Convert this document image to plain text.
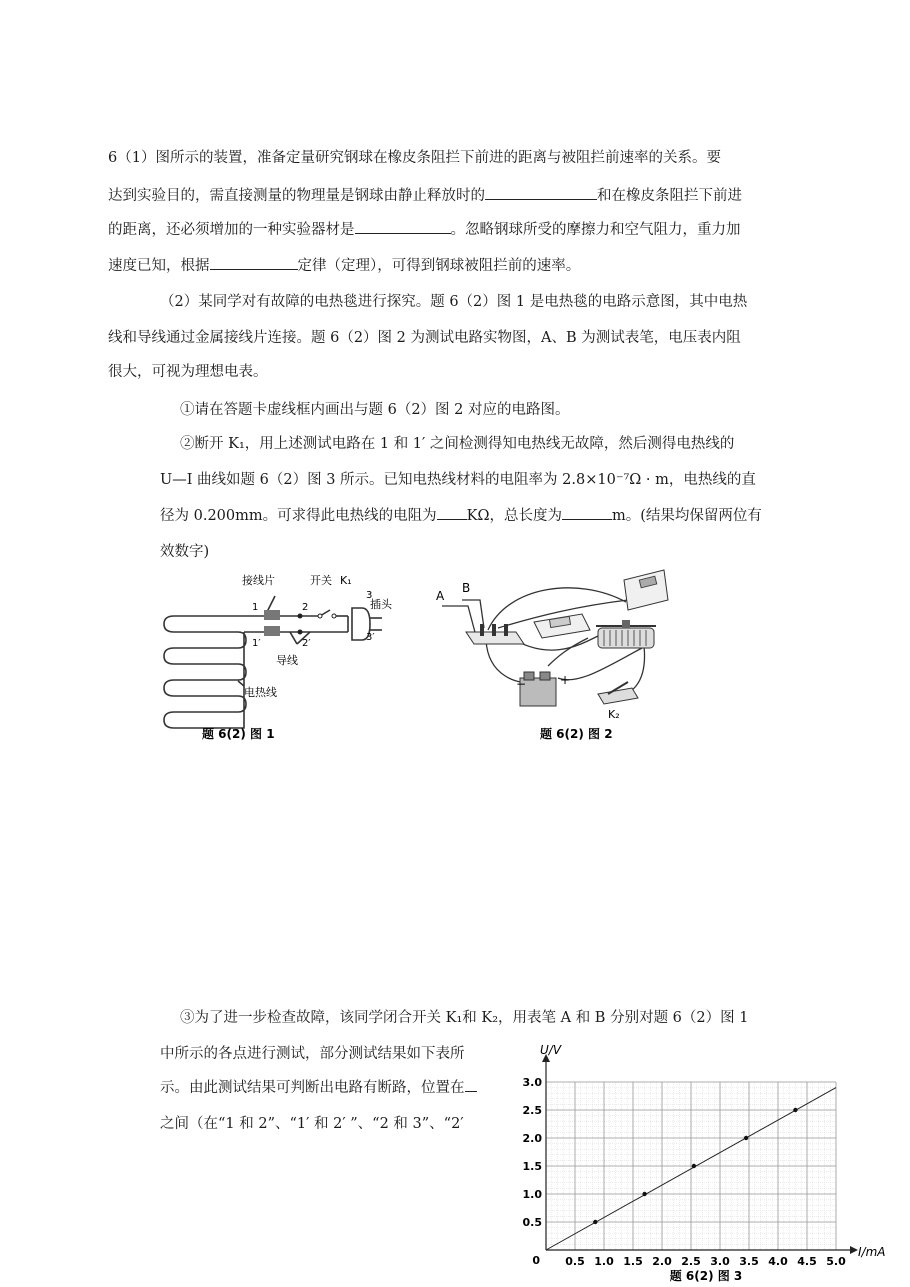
6（1）图所示的装置，准备定量研究钢球在橡皮条阻拦下前进的距离与被阻拦前速率的关系。要
达到实验目的，需直接测量的物理量是钢球由静止释放时的	和在橡皮条阻拦下前进
的距离，还必须增加的一种实验器材是	。忽略钢球所受的摩擦力和空气阻力，重力加
速度已知，根据	定律（定理），可得到钢球被阻拦前的速率。
（2）某同学对有故障的电热毯进行探究。题 6（2）图 1 是电热毯的电路示意图，其中电热
线和导线通过金属接线片连接。题 6（2）图 2 为测试电路实物图，A、B 为测试表笔，电压表内阻
很大，可视为理想电表。
①请在答题卡虚线框内画出与题 6（2）图 2 对应的电路图。
②断开 K₁，用上述测试电路在 1 和 1′ 之间检测得知电热线无故障，然后测得电热线的
U—I 曲线如题 6（2）图 3 所示。已知电热线材料的电阻率为 2.8×10⁻⁷Ω · m，电热线的直
径为 0.200mm。可求得此电热线的电阻为 KΩ，总长度为	m。(结果均保留两位有
效数字)
接线片	开关 K₁
插头
导线
电热线
1
1′
2
2′
3
3′
题 6(2) 图 1
A
B
−	+
K₂
题 6(2) 图 2
③为了进一步检查故障，该同学闭合开关 K₁和 K₂，用表笔 A 和 B 分别对题 6（2）图 1
中所示的各点进行测试，部分测试结果如下表所
示。由此测试结果可判断出电路有断路，位置在
之间（在“1 和 2”、“1′ 和 2′ ”、“2 和 3”、“2′
0.5 1.0 1.5 2.0 2.5 3.0 3.5 4.0 4.5 5.0
0.5
1.0
1.5
2.0
2.5
3.0
0
U/V
I/mA
题 6(2) 图 3
